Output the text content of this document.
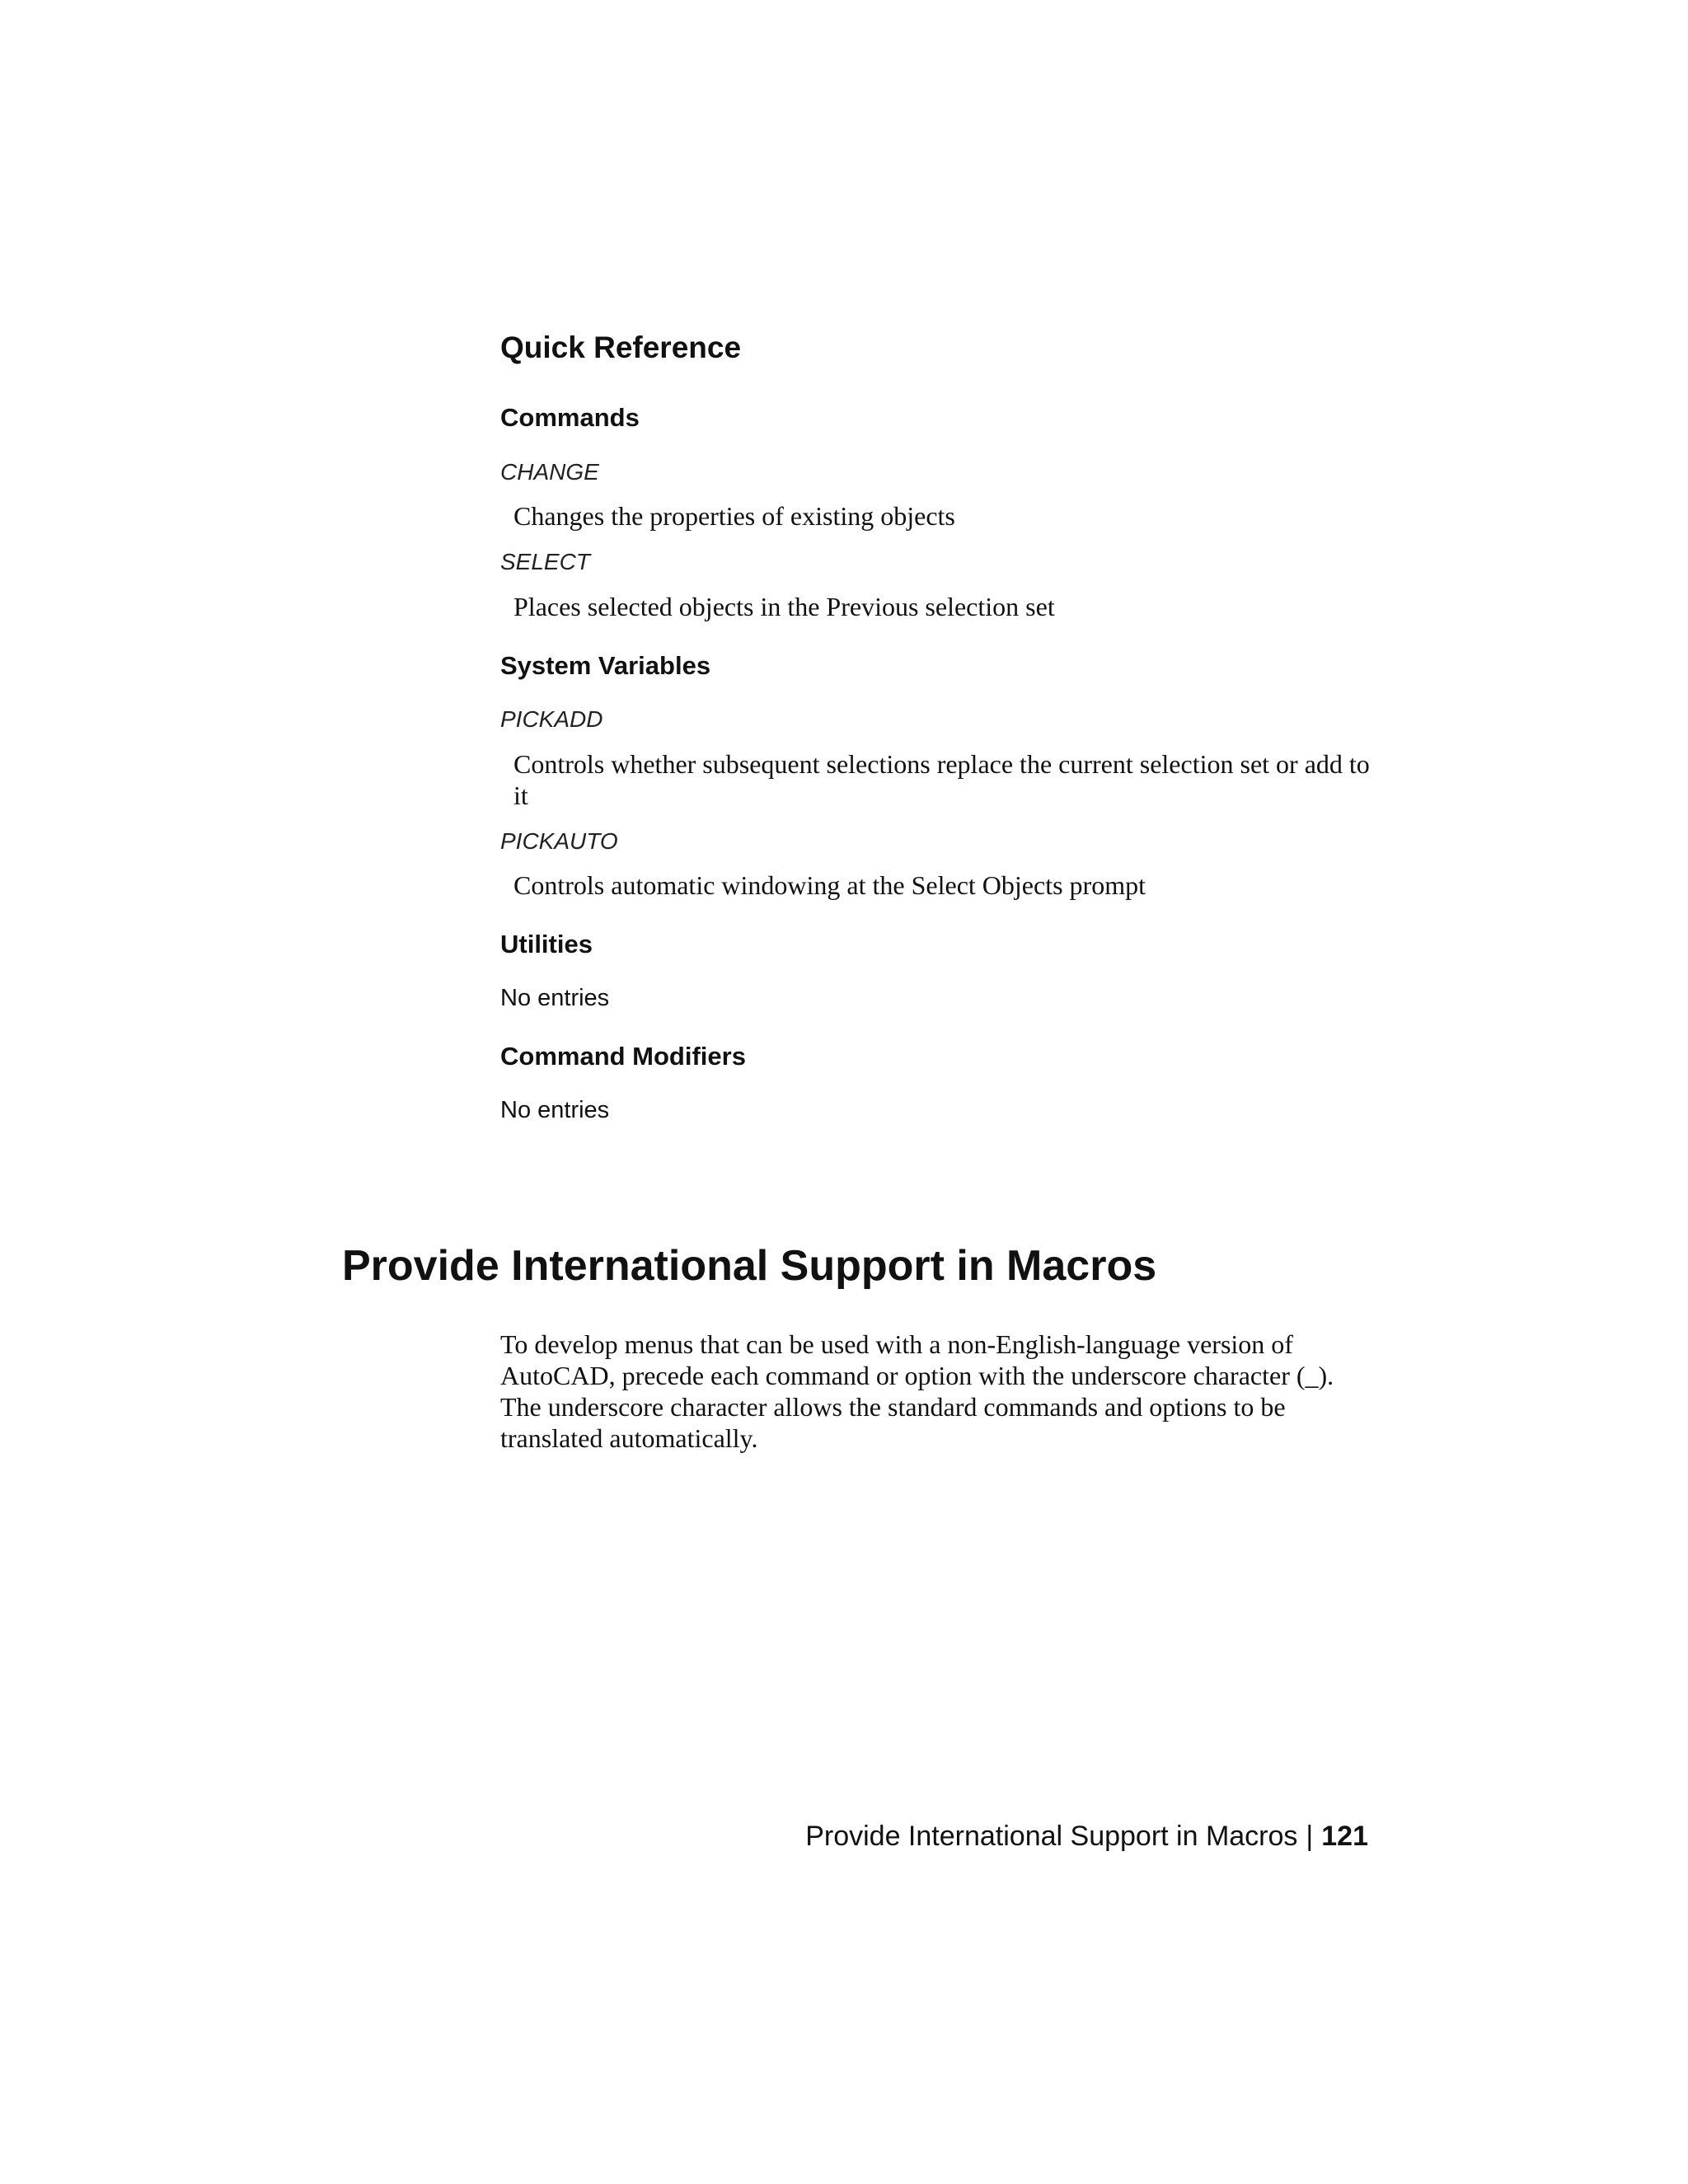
Quick Reference
Commands
CHANGE
Changes the properties of existing objects
SELECT
Places selected objects in the Previous selection set
System Variables
PICKADD
Controls whether subsequent selections replace the current selection set or add to it
PICKAUTO
Controls automatic windowing at the Select Objects prompt
Utilities
No entries
Command Modifiers
No entries
Provide International Support in Macros

To develop menus that can be used with a non-English-language version of AutoCAD, precede each command or option with the underscore character (_). The underscore character allows the standard commands and options to be translated automatically.

Provide International Support in Macros | 121
